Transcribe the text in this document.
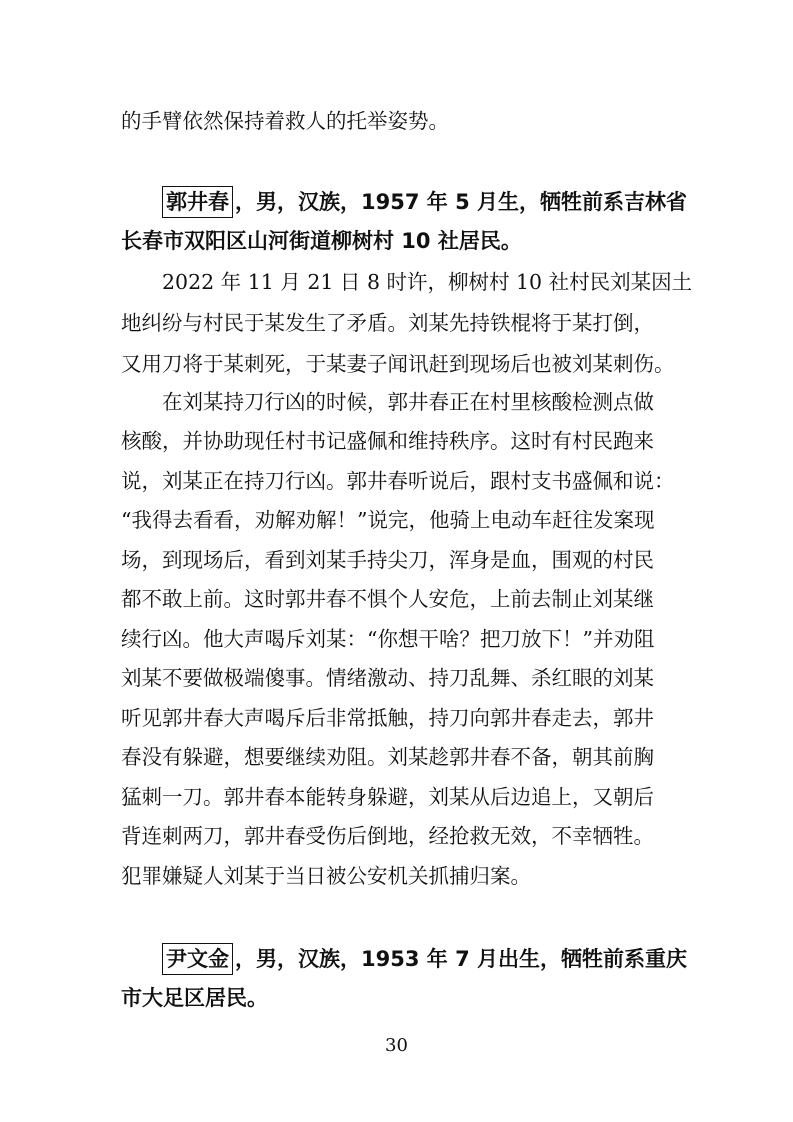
的手臂依然保持着救人的托举姿势。
郭井春 ，男，汉族，1957 年 5 月生，牺牲前系吉林省
长春市双阳区山河街道柳树村 10 社居民。
2022 年 11 月 21 日 8 时许，柳树村 10 社村民刘某因土
地纠纷与村民于某发生了矛盾。刘某先持铁棍将于某打倒，
又用刀将于某刺死，于某妻子闻讯赶到现场后也被刘某刺伤。
在刘某持刀行凶的时候，郭井春正在村里核酸检测点做
核酸，并协助现任村书记盛佩和维持秩序。这时有村民跑来
说，刘某正在持刀行凶。郭井春听说后，跟村支书盛佩和说：
“我得去看看，劝解劝解！”说完，他骑上电动车赶往发案现
场，到现场后，看到刘某手持尖刀，浑身是血，围观的村民
都不敢上前。这时郭井春不惧个人安危，上前去制止刘某继
续行凶。他大声喝斥刘某：“你想干啥？把刀放下！”并劝阻
刘某不要做极端傻事。情绪激动、持刀乱舞、杀红眼的刘某
听见郭井春大声喝斥后非常抵触，持刀向郭井春走去，郭井
春没有躲避，想要继续劝阻。刘某趁郭井春不备，朝其前胸
猛刺一刀。郭井春本能转身躲避，刘某从后边追上，又朝后
背连刺两刀，郭井春受伤后倒地，经抢救无效，不幸牺牲。
犯罪嫌疑人刘某于当日被公安机关抓捕归案。
尹文金 ，男，汉族，1953 年 7 月出生，牺牲前系重庆
市大足区居民。
30
